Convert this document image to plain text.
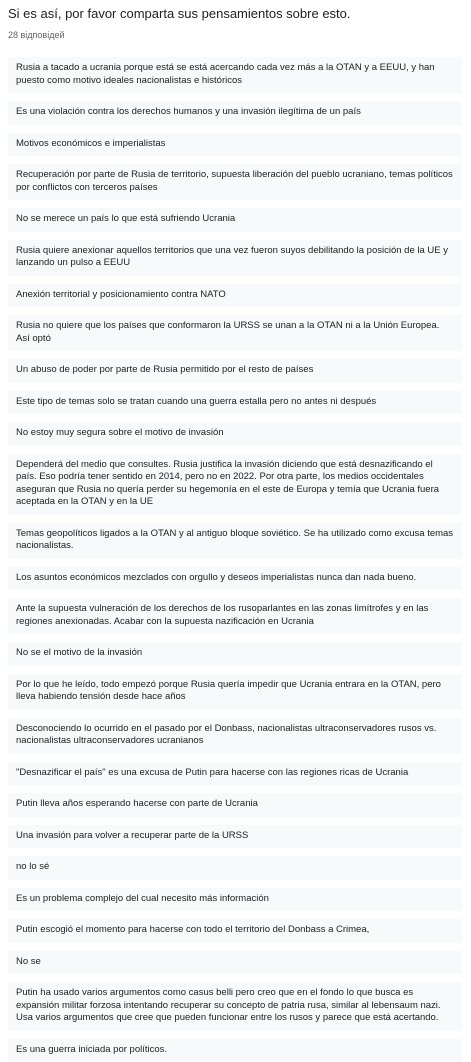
Si es así, por favor comparta sus pensamientos sobre esto.
28 відповідей
Rusia a tacado a ucrania porque está se está acercando cada vez más a la OTAN y a EEUU, y han puesto como motivo ideales nacionalistas e históricos
Es una violación contra los derechos humanos y una invasión ilegítima de un país
Motivos económicos e imperialistas
Recuperación por parte de Rusia de territorio, supuesta liberación del pueblo ucraniano, temas políticos por conflictos con terceros países
No se merece un país lo que está sufriendo Ucrania
Rusia quiere anexionar aquellos territorios que una vez fueron suyos debilitando la posición de la UE y lanzando un pulso a EEUU
Anexión territorial y posicionamiento contra NATO
Rusia no quiere que los países que conformaron la URSS se unan a la OTAN ni a la Unión Europea. Así optó
Un abuso de poder por parte de Rusia permitido por el resto de países
Este tipo de temas solo se tratan cuando una guerra estalla pero no antes ni después
No estoy muy segura sobre el motivo de invasión
Dependerá del medio que consultes. Rusia justifica la invasión diciendo que está desnazificando el país. Eso podría tener sentido en 2014, pero no en 2022. Por otra parte, los medios occidentales aseguran que Rusia no quería perder su hegemonía en el este de Europa y temía que Ucrania fuera aceptada en la OTAN y en la UE
Temas geopolíticos ligados a la OTAN y al antiguo bloque soviético. Se ha utilizado como excusa temas nacionalistas.
Los asuntos económicos mezclados con orgullo y deseos imperialistas nunca dan nada bueno.
Ante la supuesta vulneración de los derechos de los rusoparlantes en las zonas limítrofes y en las regiones anexionadas. Acabar con la supuesta nazificación en Ucrania
No se el motivo de la invasión
Por lo que he leído, todo empezó porque Rusia quería impedir que Ucrania entrara en la OTAN, pero lleva habiendo tensión desde hace años
Desconociendo lo ocurrido en el pasado por el Donbass, nacionalistas ultraconservadores rusos vs. nacionalistas ultraconservadores ucranianos
"Desnazificar el país" es una excusa de Putin para hacerse con las regiones ricas de Ucrania
Putin lleva años esperando hacerse con parte de Ucrania
Una invasión para volver a recuperar parte de la URSS
no lo sé
Es un problema complejo del cual necesito más información
Putin escogió el momento para hacerse con todo el territorio del Donbass a Crimea,
No se
Putin ha usado varios argumentos como casus belli pero creo que en el fondo lo que busca es expansión militar forzosa intentando recuperar su concepto de patria rusa, similar al lebensaum nazi. Usa varios argumentos que cree que pueden funcionar entre los rusos y parece que está acertando.
Es una guerra iniciada por políticos.
